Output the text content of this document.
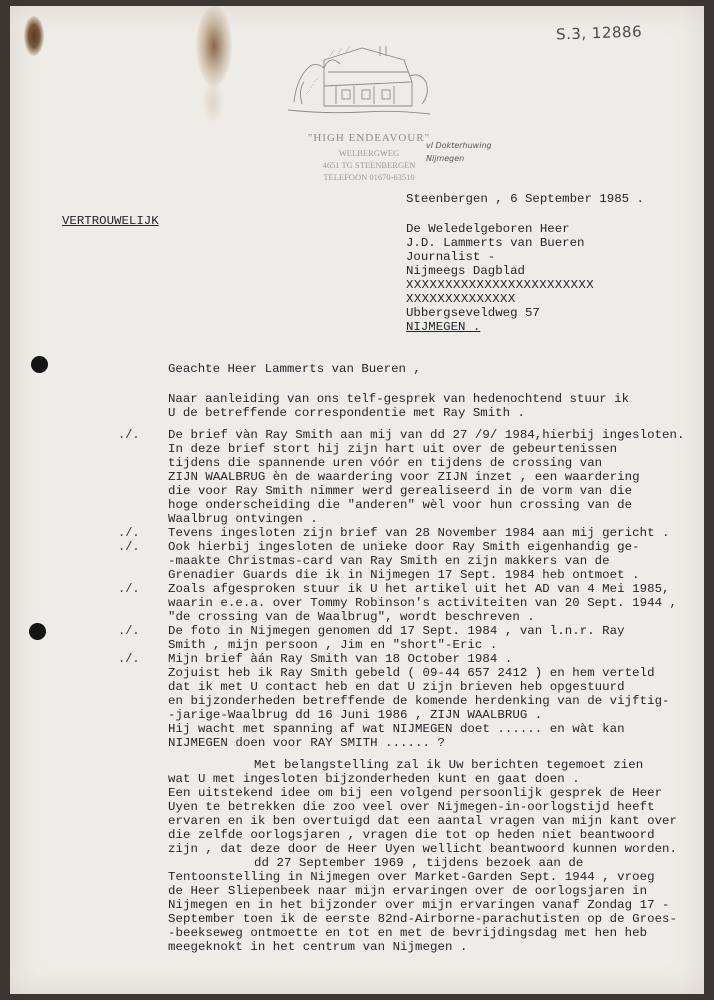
S.3, 12886
"HIGH ENDEAVOUR"
WELBERGWEG
4651 TG STEENBERGEN
TELEFOON 01670-63510
vl Dokterhuwing
Nijmegen
Steenbergen , 6 September 1985 .
VERTROUWELIJK
De Weledelgeboren Heer
J.D. Lammerts van Bueren
Journalist -
Nijmeegs Dagblad
XXXXXXXXXXXXXXXXXXXXXXXX
XXXXXXXXXXXXXX
Ubbergseveldweg 57
NIJMEGEN .
Geachte Heer Lammerts van Bueren ,
Naar aanleiding van ons telf-gesprek van hedenochtend stuur ik
U de betreffende correspondentie met Ray Smith .
./.
./.
./.
./.
./.
./.
De brief vàn Ray Smith aan mij van dd 27 /9/ 1984,hierbij ingesloten.
In deze brief stort hij zijn hart uit over de gebeurtenissen
tijdens die spannende uren vóór en tijdens de crossing van
ZIJN WAALBRUG èn de waardering voor ZIJN inzet , een waardering
die voor Ray Smith nimmer werd gerealiseerd in de vorm van die
hoge onderscheiding die "anderen" wèl voor hun crossing van de
Waalbrug ontvingen .
Tevens ingesloten zijn brief van 28 November 1984 aan mij gericht .
Ook hierbij ingesloten de unieke door Ray Smith eigenhandig ge-
-maakte Christmas-card van Ray Smith en zijn makkers van de
Grenadier Guards die ik in Nijmegen 17 Sept. 1984 heb ontmoet .
Zoals afgesproken stuur ik U het artikel uit het AD van 4 Mei 1985,
waarin e.e.a. over Tommy Robinson's activiteiten van 20 Sept. 1944 ,
"de crossing van de Waalbrug", wordt beschreven .
De foto in Nijmegen genomen dd 17 Sept. 1984 , van l.n.r. Ray
Smith , mijn persoon , Jim en "short"-Eric .
Mijn brief àán Ray Smith van 18 October 1984 .
Zojuist heb ik Ray Smith gebeld ( 09-44 657 2412 ) en hem verteld
dat ik met U contact heb en dat U zijn brieven heb opgestuurd
en bijzonderheden betreffende de komende herdenking van de vijftig-
-jarige-Waalbrug dd 16 Juni 1986 , ZIJN WAALBRUG .
Hij wacht met spanning af wat NIJMEGEN doet ...... en wàt kan
NIJMEGEN doen voor RAY SMITH ...... ?
Met belangstelling zal ik Uw berichten tegemoet zien
wat U met ingesloten bijzonderheden kunt en gaat doen .
Een uitstekend idee om bij een volgend persoonlijk gesprek de Heer
Uyen te betrekken die zoo veel over Nijmegen-in-oorlogstijd heeft
ervaren en ik ben overtuigd dat een aantal vragen van mijn kant over
die zelfde oorlogsjaren , vragen die tot op heden niet beantwoord
zijn , dat deze door de Heer Uyen wellicht beantwoord kunnen worden.
dd 27 September 1969 , tijdens bezoek aan de
Tentoonstelling in Nijmegen over Market-Garden Sept. 1944 , vroeg
de Heer Sliepenbeek naar mijn ervaringen over de oorlogsjaren in
Nijmegen en in het bijzonder over mijn ervaringen vanaf Zondag 17 -
September toen ik de eerste 82nd-Airborne-parachutisten op de Groes-
-beekseweg ontmoette en tot en met de bevrijdingsdag met hen heb
meegeknokt in het centrum van Nijmegen .
